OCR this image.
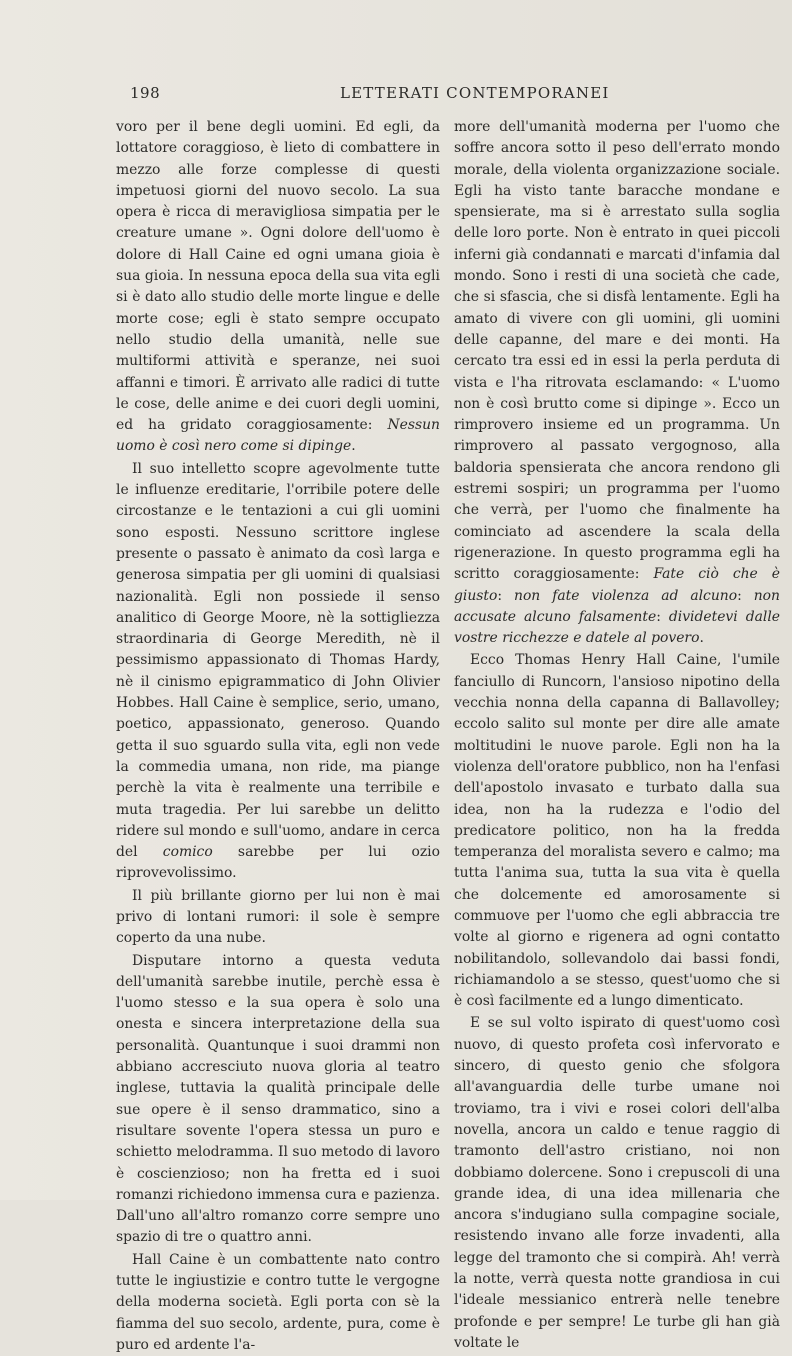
198	LETTERATI CONTEMPORANEI

voro per il bene degli uomini. Ed egli, da lottatore coraggioso, è lieto di combattere in mezzo alle forze complesse di questi impetuosi giorni del nuovo secolo. La sua opera è ricca di meravigliosa simpatia per le creature umane ». Ogni dolore dell'uomo è dolore di Hall Caine ed ogni umana gioia è sua gioia. In nessuna epoca della sua vita egli si è dato allo studio delle morte lingue e delle morte cose; egli è stato sempre occupato nello studio della umanità, nelle sue multiformi attività e speranze, nei suoi affanni e timori. È arrivato alle radici di tutte le cose, delle anime e dei cuori degli uomini, ed ha gridato coraggiosamente: Nessun uomo è così nero come si dipinge.

Il suo intelletto scopre agevolmente tutte le influenze ereditarie, l'orribile potere delle circostanze e le tentazioni a cui gli uomini sono esposti. Nessuno scrittore inglese presente o passato è animato da così larga e generosa simpatia per gli uomini di qualsiasi nazionalità. Egli non possiede il senso analitico di George Moore, nè la sottigliezza straordinaria di George Meredith, nè il pessimismo appassionato di Thomas Hardy, nè il cinismo epigrammatico di John Olivier Hobbes. Hall Caine è semplice, serio, umano, poetico, appassionato, generoso. Quando getta il suo sguardo sulla vita, egli non vede la commedia umana, non ride, ma piange perchè la vita è realmente una terribile e muta tragedia. Per lui sarebbe un delitto ridere sul mondo e sull'uomo, andare in cerca del comico sarebbe per lui ozio riprovevolissimo.

Il più brillante giorno per lui non è mai privo di lontani rumori: il sole è sempre coperto da una nube.

Disputare intorno a questa veduta dell'umanità sarebbe inutile, perchè essa è l'uomo stesso e la sua opera è solo una onesta e sincera interpretazione della sua personalità. Quantunque i suoi drammi non abbiano accresciuto nuova gloria al teatro inglese, tuttavia la qualità principale delle sue opere è il senso drammatico, sino a risultare sovente l'opera stessa un puro e schietto melodramma. Il suo metodo di lavoro è coscienzioso; non ha fretta ed i suoi romanzi richiedono immensa cura e pazienza. Dall'uno all'altro romanzo corre sempre uno spazio di tre o quattro anni.

Hall Caine è un combattente nato contro tutte le ingiustizie e contro tutte le vergogne della moderna società. Egli porta con sè la fiamma del suo secolo, ardente, pura, come è puro ed ardente l'a-

more dell'umanità moderna per l'uomo che soffre ancora sotto il peso dell'errato mondo morale, della violenta organizzazione sociale. Egli ha visto tante baracche mondane e spensierate, ma si è arrestato sulla soglia delle loro porte. Non è entrato in quei piccoli inferni già condannati e marcati d'infamia dal mondo. Sono i resti di una società che cade, che si sfascia, che si disfà lentamente. Egli ha amato di vivere con gli uomini, gli uomini delle capanne, del mare e dei monti. Ha cercato tra essi ed in essi la perla perduta di vista e l'ha ritrovata esclamando: « L'uomo non è così brutto come si dipinge ». Ecco un rimprovero insieme ed un programma. Un rimprovero al passato vergognoso, alla baldoria spensierata che ancora rendono gli estremi sospiri; un programma per l'uomo che verrà, per l'uomo che finalmente ha cominciato ad ascendere la scala della rigenerazione. In questo programma egli ha scritto coraggiosamente: Fate ciò che è giusto: non fate violenza ad alcuno: non accusate alcuno falsamente: dividetevi dalle vostre ricchezze e datele al povero.

Ecco Thomas Henry Hall Caine, l'umile fanciullo di Runcorn, l'ansioso nipotino della vecchia nonna della capanna di Ballavolley; eccolo salito sul monte per dire alle amate moltitudini le nuove parole. Egli non ha la violenza dell'oratore pubblico, non ha l'enfasi dell'apostolo invasato e turbato dalla sua idea, non ha la rudezza e l'odio del predicatore politico, non ha la fredda temperanza del moralista severo e calmo; ma tutta l'anima sua, tutta la sua vita è quella che dolcemente ed amorosamente si commuove per l'uomo che egli abbraccia tre volte al giorno e rigenera ad ogni contatto nobilitandolo, sollevandolo dai bassi fondi, richiamandolo a se stesso, quest'uomo che si è così facilmente ed a lungo dimenticato.

E se sul volto ispirato di quest'uomo così nuovo, di questo profeta così infervorato e sincero, di questo genio che sfolgora all'avanguardia delle turbe umane noi troviamo, tra i vivi e rosei colori dell'alba novella, ancora un caldo e tenue raggio di tramonto dell'astro cristiano, noi non dobbiamo dolercene. Sono i crepuscoli di una grande idea, di una idea millenaria che ancora s'indugiano sulla compagine sociale, resistendo invano alle forze invadenti, alla legge del tramonto che si compirà. Ah! verrà la notte, verrà questa notte grandiosa in cui l'ideale messianico entrerà nelle tenebre profonde e per sempre! Le turbe gli han già voltate le
